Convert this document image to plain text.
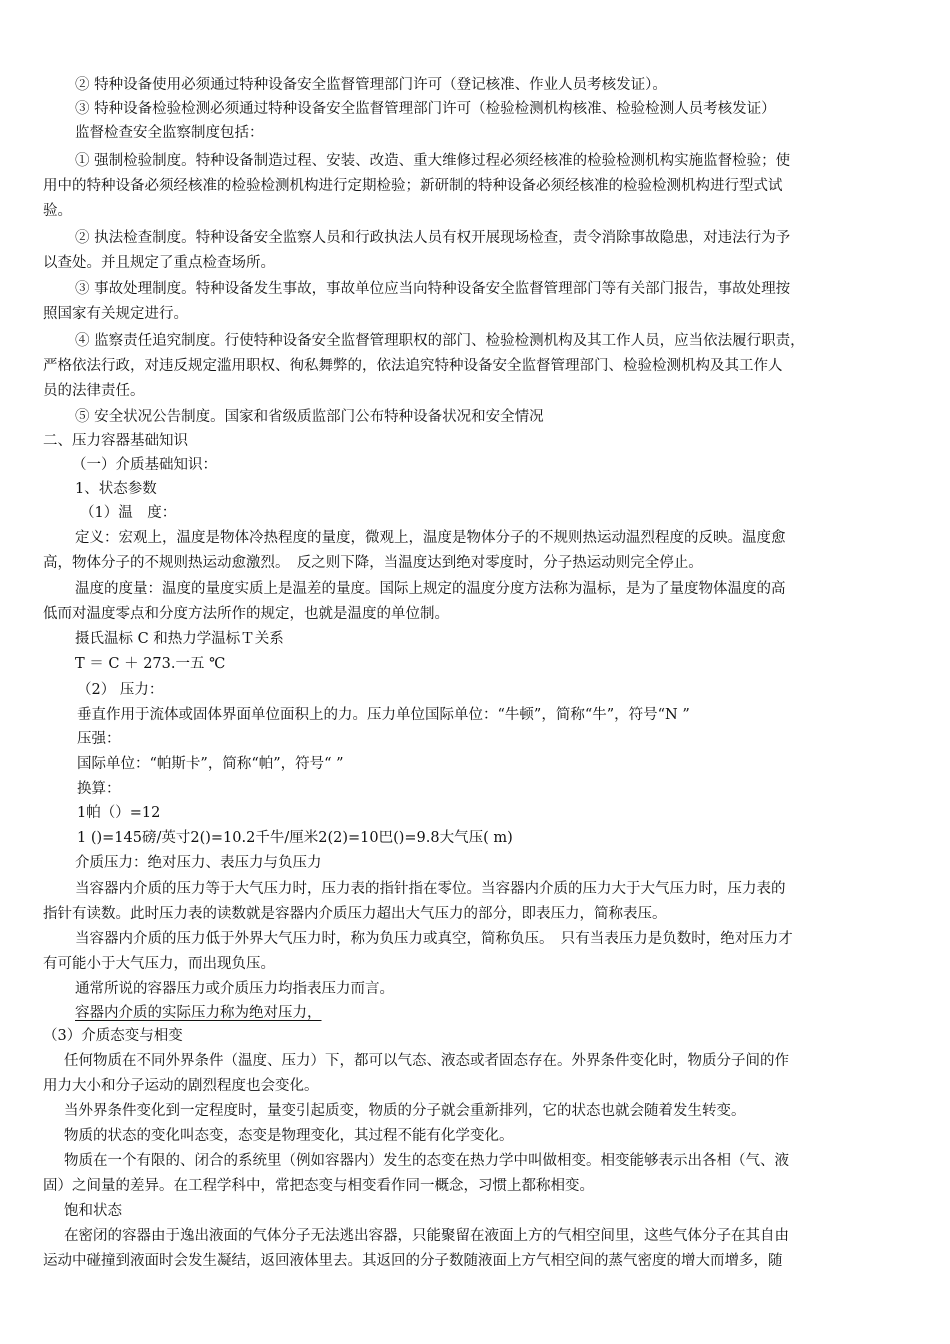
② 特种设备使用必须通过特种设备安全监督管理部门许可（登记核准、作业人员考核发证）。
③ 特种设备检验检测必须通过特种设备安全监督管理部门许可（检验检测机构核准、检验检测人员考核发证）
监督检查安全监察制度包括：
① 强制检验制度。特种设备制造过程、安装、改造、重大维修过程必须经核准的检验检测机构实施监督检验；使
用中的特种设备必须经核准的检验检测机构进行定期检验；新研制的特种设备必须经核准的检验检测机构进行型式试
验。
② 执法检查制度。特种设备安全监察人员和行政执法人员有权开展现场检查，责令消除事故隐患，对违法行为予
以查处。并且规定了重点检查场所。
③ 事故处理制度。特种设备发生事故，事故单位应当向特种设备安全监督管理部门等有关部门报告，事故处理按
照国家有关规定进行。
④ 监察责任追究制度。行使特种设备安全监督管理职权的部门、检验检测机构及其工作人员，应当依法履行职责，
严格依法行政，对违反规定滥用职权、徇私舞弊的，依法追究特种设备安全监督管理部门、检验检测机构及其工作人
员的法律责任。
⑤ 安全状况公告制度。国家和省级质监部门公布特种设备状况和安全情况
二、压力容器基础知识
（一）介质基础知识：
1、状态参数
（1）温　度：
定义：宏观上，温度是物体冷热程度的量度，微观上，温度是物体分子的不规则热运动温烈程度的反映。温度愈
高，物体分子的不规则热运动愈激烈。　反之则下降，当温度达到绝对零度时，分子热运动则完全停止。
温度的度量：温度的量度实质上是温差的量度。国际上规定的温度分度方法称为温标，是为了量度物体温度的高
低而对温度零点和分度方法所作的规定，也就是温度的单位制。
摄氏温标 C 和热力学温标Ｔ关系
T ＝ C ＋ 273.一五 ℃
（2） 压力：
垂直作用于流体或固体界面单位面积上的力。压力单位国际单位：“牛顿”，简称“牛”，符号“N ”
压强：
国际单位：“帕斯卡”，简称“帕”，符号“ ”
换算：
1帕（）=12
1 ()=145磅/英寸2()=10.2千牛/厘米2(2)=10巴()=9.8大气压( m)
介质压力：绝对压力、表压力与负压力
当容器内介质的压力等于大气压力时，压力表的指针指在零位。当容器内介质的压力大于大气压力时，压力表的
指针有读数。此时压力表的读数就是容器内介质压力超出大气压力的部分，即表压力，简称表压。
当容器内介质的压力低于外界大气压力时，称为负压力或真空，简称负压。　只有当表压力是负数时，绝对压力才
有可能小于大气压力，而出现负压。
通常所说的容器压力或介质压力均指表压力而言。
容器内介质的实际压力称为绝对压力，
（3）介质态变与相变
任何物质在不同外界条件（温度、压力）下，都可以气态、液态或者固态存在。外界条件变化时，物质分子间的作
用力大小和分子运动的剧烈程度也会变化。
当外界条件变化到一定程度时，量变引起质变，物质的分子就会重新排列，它的状态也就会随着发生转变。
物质的状态的变化叫态变，态变是物理变化，其过程不能有化学变化。
物质在一个有限的、闭合的系统里（例如容器内）发生的态变在热力学中叫做相变。相变能够表示出各相（气、液
固）之间量的差异。在工程学科中，常把态变与相变看作同一概念，习惯上都称相变。
饱和状态
在密闭的容器由于逸出液面的气体分子无法逃出容器，只能聚留在液面上方的气相空间里，这些气体分子在其自由
运动中碰撞到液面时会发生凝结，返回液体里去。其返回的分子数随液面上方气相空间的蒸气密度的增大而增多，随
